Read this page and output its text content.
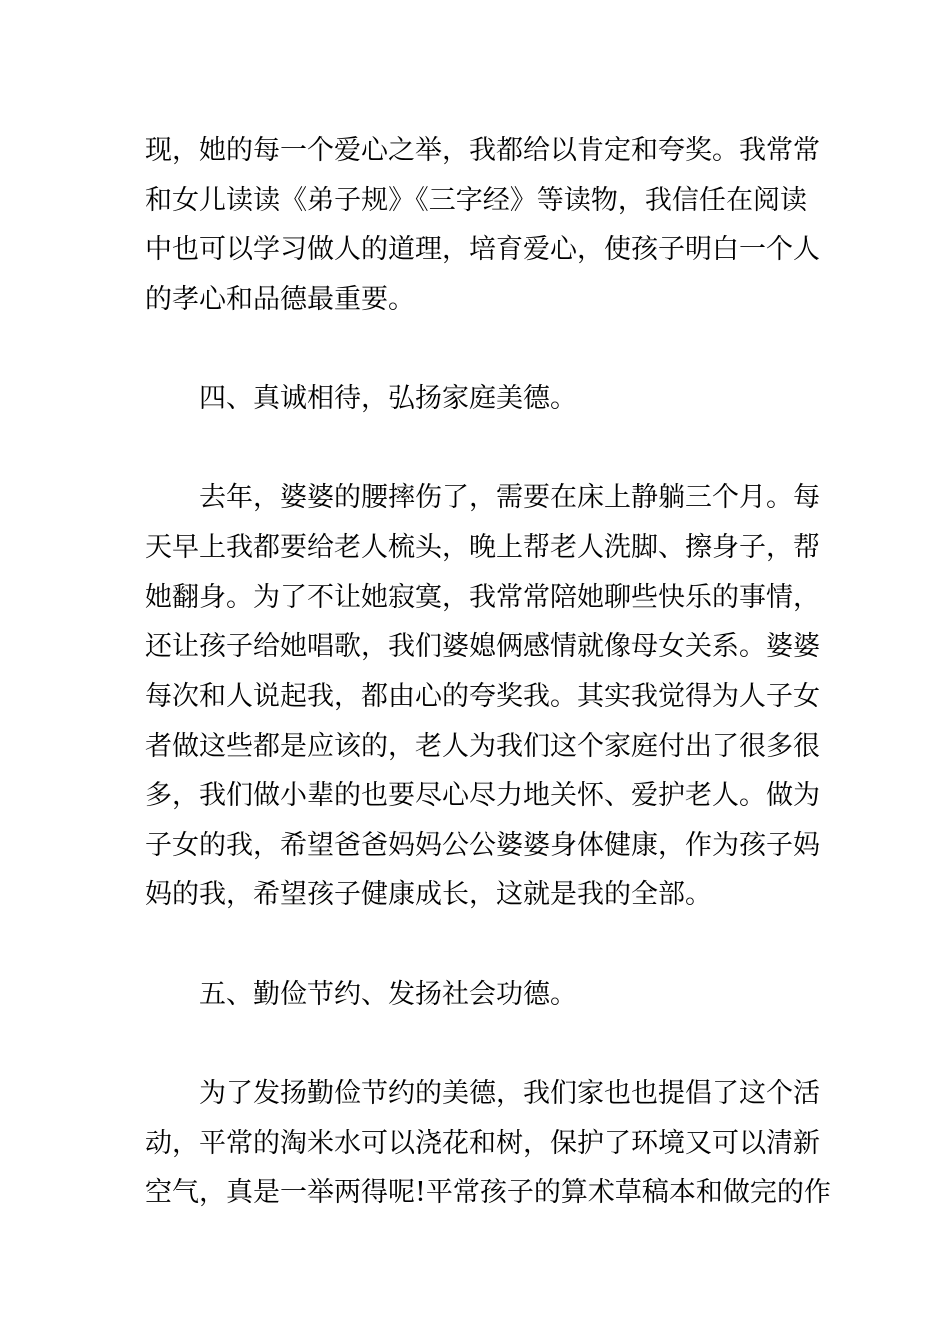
现，她的每一个爱心之举，我都给以肯定和夸奖。我常常
和女儿读读《弟子规》《三字经》等读物，我信任在阅读
中也可以学习做人的道理，培育爱心，使孩子明白一个人
的孝心和品德最重要。
　　四、真诚相待，弘扬家庭美德。
　　去年，婆婆的腰摔伤了，需要在床上静躺三个月。每
天早上我都要给老人梳头，晚上帮老人洗脚、擦身子，帮
她翻身。为了不让她寂寞，我常常陪她聊些快乐的事情，
还让孩子给她唱歌，我们婆媳俩感情就像母女关系。婆婆
每次和人说起我，都由心的夸奖我。其实我觉得为人子女
者做这些都是应该的，老人为我们这个家庭付出了很多很
多，我们做小辈的也要尽心尽力地关怀、爱护老人。做为
子女的我，希望爸爸妈妈公公婆婆身体健康，作为孩子妈
妈的我，希望孩子健康成长，这就是我的全部。
　　五、勤俭节约、发扬社会功德。
　　为了发扬勤俭节约的美德，我们家也也提倡了这个活
动，平常的淘米水可以浇花和树，保护了环境又可以清新
空气，真是一举两得呢!平常孩子的算术草稿本和做完的作
